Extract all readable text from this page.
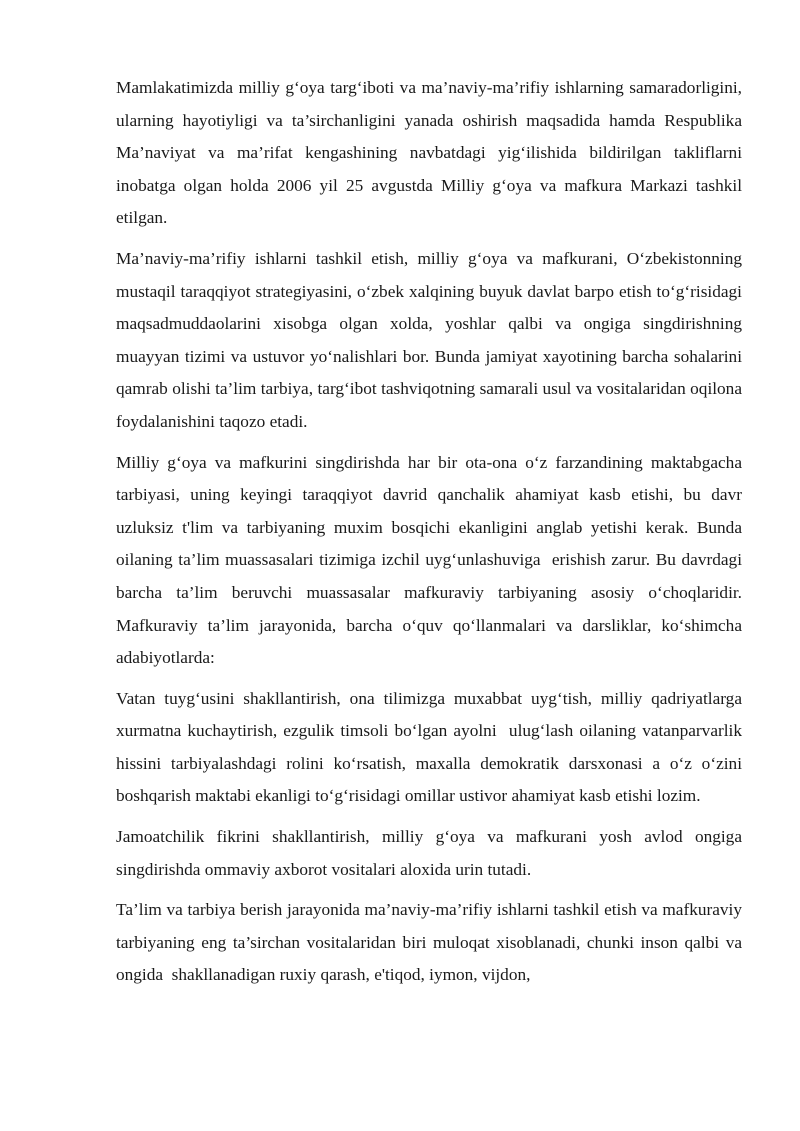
Mamlakatimizda milliy g‘oya targ‘iboti va ma’naviy-ma’rifiy ishlarning samaradorligini, ularning hayotiyligi va ta’sirchanligini yanada oshirish maqsadida hamda Respublika Ma’naviyat va ma’rifat kengashining navbatdagi yig‘ilishida bildirilgan takliflarni inobatga olgan holda 2006 yil 25 avgustda Milliy g‘oya va mafkura Markazi tashkil etilgan.

Ma’naviy-ma’rifiy ishlarni tashkil etish, milliy g‘oya va mafkurani, O‘zbekistonning mustaqil taraqqiyot strategiyasini, o‘zbek xalqining buyuk davlat barpo etish to‘g‘risidagi maqsadmuddaolarini xisobga olgan xolda, yoshlar qalbi va ongiga singdirishning  muayyan tizimi va ustuvor yo‘nalishlari bor. Bunda jamiyat xayotining barcha sohalarini qamrab olishi ta’lim tarbiya, targ‘ibot tashviqotning samarali usul va vositalaridan oqilona foydalanishini taqozo etadi.

Milliy g‘oya va mafkurini singdirishda har bir ota-ona o‘z farzandining maktabgacha tarbiyasi, uning keyingi taraqqiyot davrid qanchalik ahamiyat kasb etishi, bu davr uzluksiz t'lim va tarbiyaning muxim bosqichi ekanligini anglab yetishi kerak. Bunda oilaning ta’lim muassasalari tizimiga izchil uyg‘unlashuviga  erishish zarur. Bu davrdagi  barcha ta’lim beruvchi muassasalar mafkuraviy tarbiyaning asosiy o‘choqlaridir. Mafkuraviy ta’lim jarayonida, barcha o‘quv qo‘llanmalari va darsliklar, ko‘shimcha adabiyotlarda:

Vatan tuyg‘usini shakllantirish, ona tilimizga muxabbat uyg‘tish, milliy qadriyatlarga xurmatna kuchaytirish, ezgulik timsoli bo‘lgan ayolni  ulug‘lash oilaning vatanparvarlik hissini tarbiyalashdagi rolini ko‘rsatish, maxalla demokratik darsxonasi a o‘z o‘zini boshqarish maktabi ekanligi to‘g‘risidagi omillar ustivor ahamiyat kasb etishi lozim.

Jamoatchilik fikrini shakllantirish, milliy g‘oya va mafkurani yosh avlod ongiga singdirishda ommaviy axborot vositalari aloxida urin tutadi.

Ta’lim va tarbiya berish jarayonida ma’naviy-ma’rifiy ishlarni tashkil etish va mafkuraviy tarbiyaning eng ta’sirchan vositalaridan biri muloqat xisoblanadi, chunki inson qalbi va ongida  shakllanadigan ruxiy qarash, e'tiqod, iymon, vijdon,
